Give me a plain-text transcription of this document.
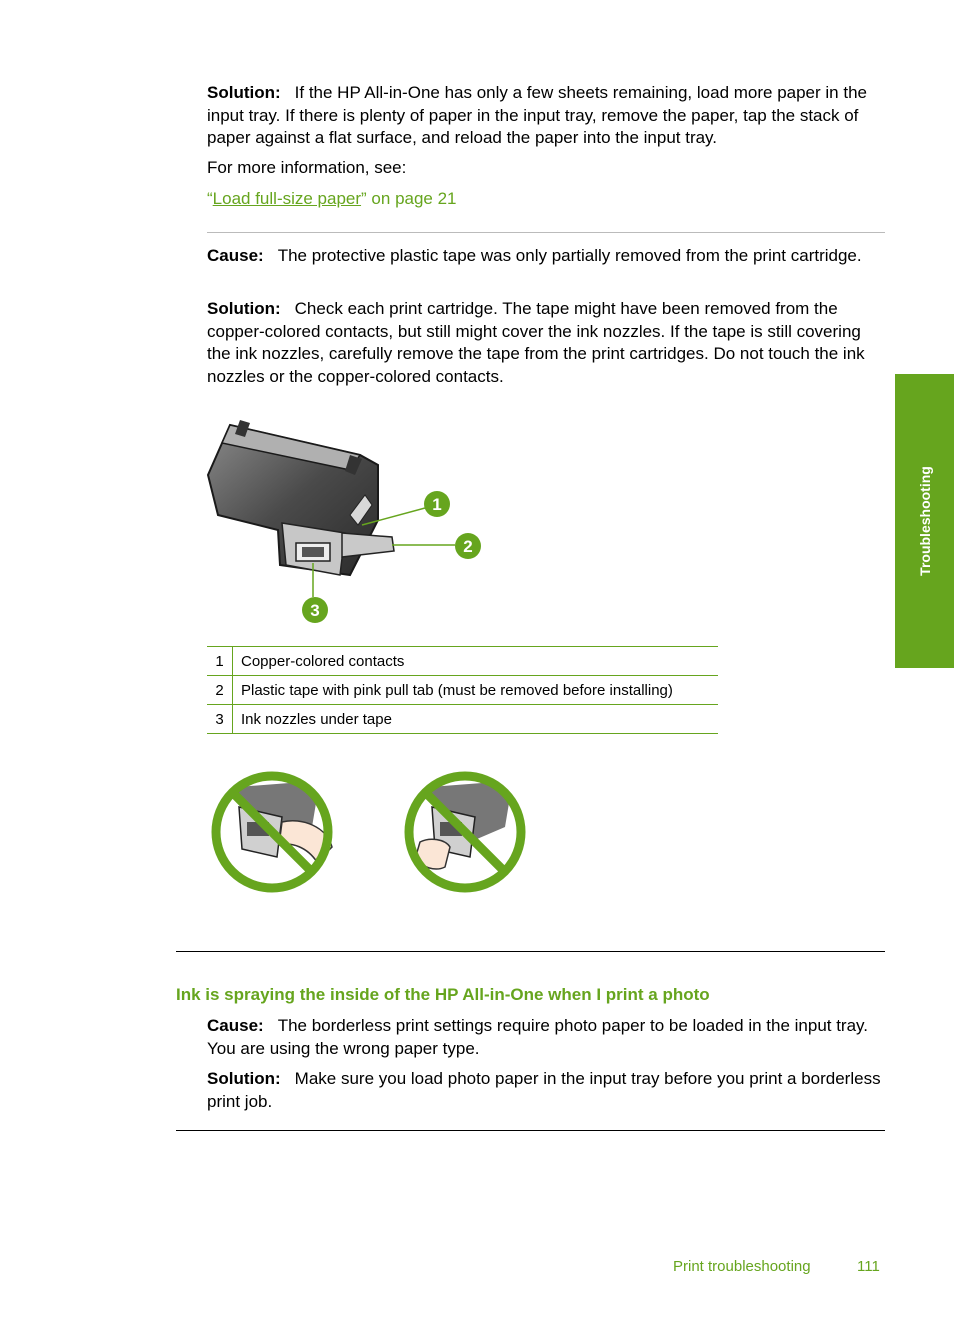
Solution: If the HP All-in-One has only a few sheets remaining, load more paper in the input tray. If there is plenty of paper in the input tray, remove the paper, tap the stack of paper against a flat surface, and reload the paper into the input tray.

For more information, see:

“Load full-size paper” on page 21

Cause: The protective plastic tape was only partially removed from the print cartridge.

Solution: Check each print cartridge. The tape might have been removed from the copper-colored contacts, but still might cover the ink nozzles. If the tape is still covering the ink nozzles, carefully remove the tape from the print cartridges. Do not touch the ink nozzles or the copper-colored contacts.

1
2
3
1	Copper-colored contacts
2	Plastic tape with pink pull tab (must be removed before installing)
3	Ink nozzles under tape
Ink is spraying the inside of the HP All-in-One when I print a photo

Cause: The borderless print settings require photo paper to be loaded in the input tray. You are using the wrong paper type.

Solution: Make sure you load photo paper in the input tray before you print a borderless print job.

Troubleshooting
Print troubleshooting	111
